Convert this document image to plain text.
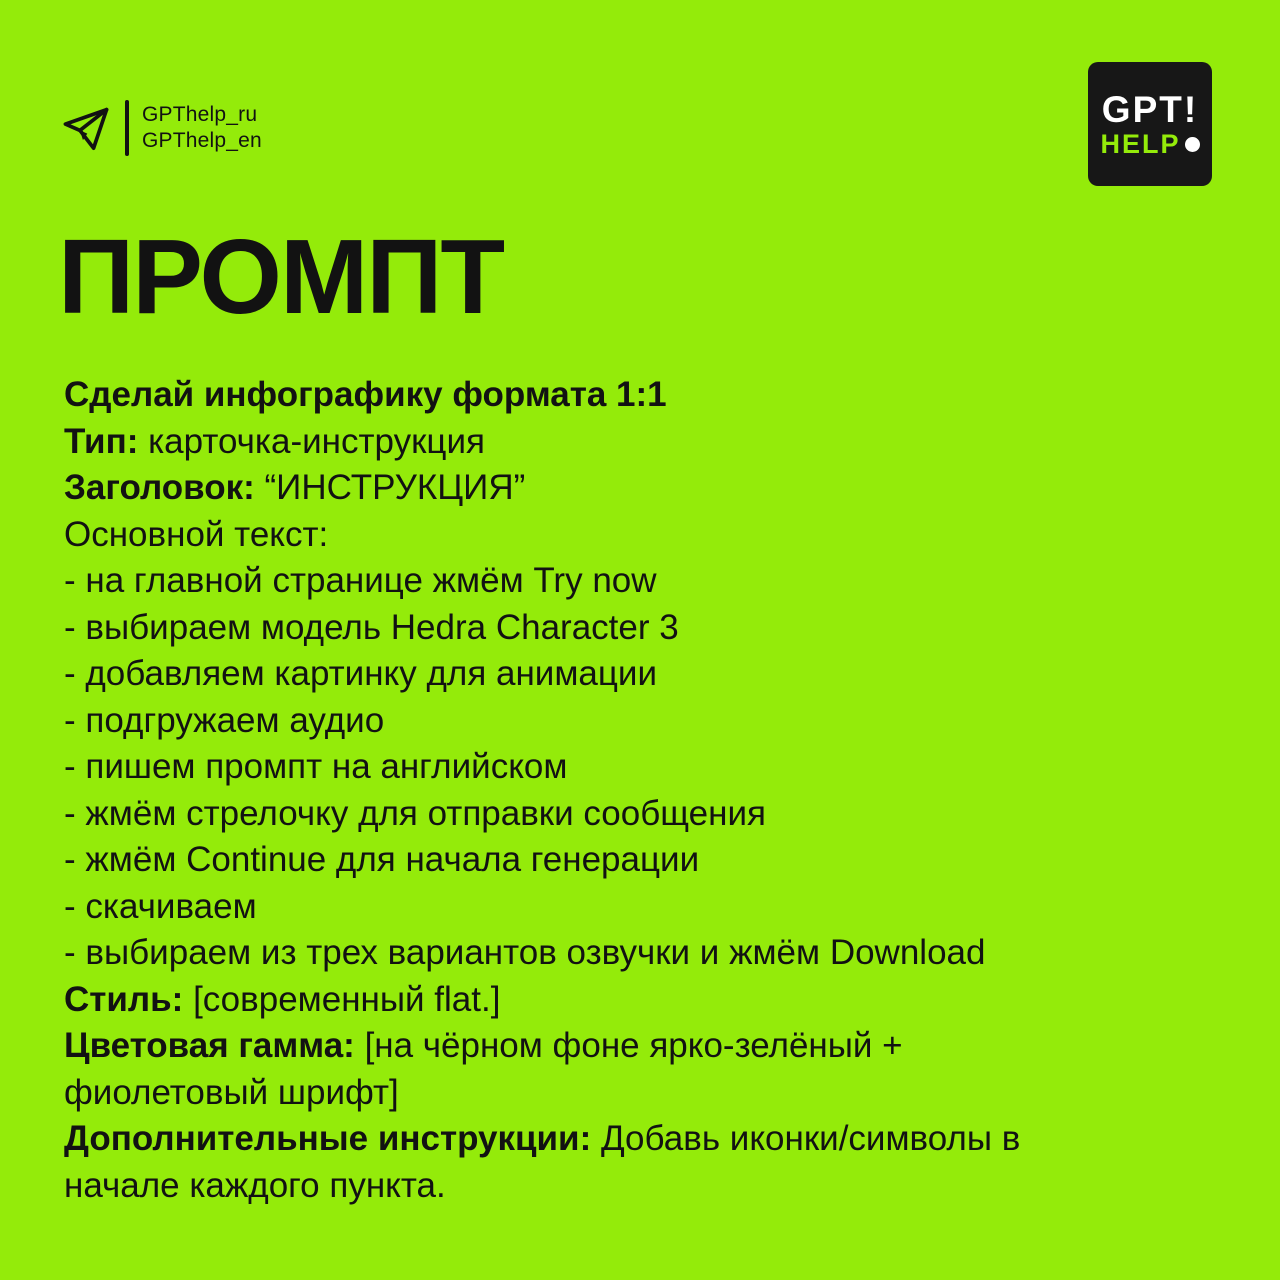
GPThelp_ru
GPThelp_en
GPT!
HELP
ПРОМПТ
Сделай инфографику формата 1:1
Тип: карточка-инструкция
Заголовок: “ИНСТРУКЦИЯ”
Основной текст:
- на главной странице жмём Try now
- выбираем модель Hedra Character 3
- добавляем картинку для анимации
- подгружаем аудио
- пишем промпт на английском
- жмём стрелочку для отправки сообщения
- жмём Continue для начала генерации
- скачиваем
- выбираем из трех вариантов озвучки и жмём Download
Стиль: [современный flat.]
Цветовая гамма: [на чёрном фоне ярко-зелёный +
фиолетовый шрифт]
Дополнительные инструкции: Добавь иконки/символы в
начале каждого пункта.
